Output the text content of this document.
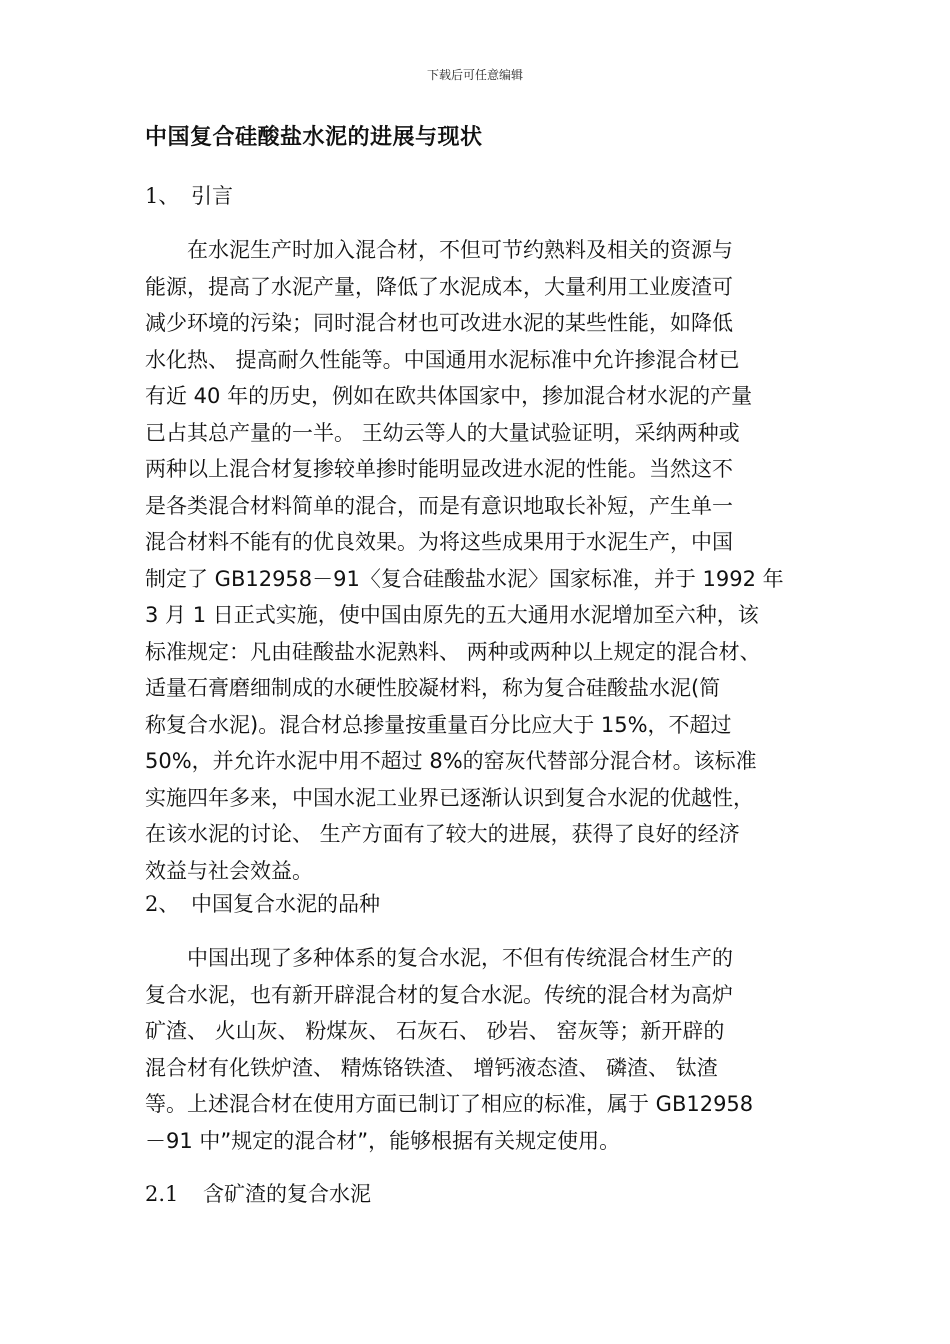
下载后可任意编辑
中国复合硅酸盐水泥的进展与现状
1、 引言
　　在水泥生产时加入混合材，不但可节约熟料及相关的资源与
能源，提高了水泥产量，降低了水泥成本，大量利用工业废渣可
减少环境的污染；同时混合材也可改进水泥的某些性能，如降低
水化热、 提高耐久性能等。中国通用水泥标准中允许掺混合材已
有近 40 年的历史，例如在欧共体国家中，掺加混合材水泥的产量
已占其总产量的一半。 王幼云等人的大量试验证明，采纳两种或
两种以上混合材复掺较单掺时能明显改进水泥的性能。当然这不
是各类混合材料简单的混合，而是有意识地取长补短，产生单一
混合材料不能有的优良效果。为将这些成果用于水泥生产，中国
制定了 GB12958－91〈复合硅酸盐水泥〉国家标准，并于 1992 年
3 月 1 日正式实施，使中国由原先的五大通用水泥增加至六种，该
标准规定：凡由硅酸盐水泥熟料、 两种或两种以上规定的混合材、
适量石膏磨细制成的水硬性胶凝材料，称为复合硅酸盐水泥(简
称复合水泥)。混合材总掺量按重量百分比应大于 15%，不超过
50%，并允许水泥中用不超过 8%的窑灰代替部分混合材。该标准
实施四年多来，中国水泥工业界已逐渐认识到复合水泥的优越性，
在该水泥的讨论、 生产方面有了较大的进展，获得了良好的经济
效益与社会效益。
2、 中国复合水泥的品种
　　中国出现了多种体系的复合水泥，不但有传统混合材生产的
复合水泥，也有新开辟混合材的复合水泥。传统的混合材为高炉
矿渣、 火山灰、 粉煤灰、 石灰石、 砂岩、 窑灰等；新开辟的
混合材有化铁炉渣、 精炼铬铁渣、 增钙液态渣、 磷渣、 钛渣
等。上述混合材在使用方面已制订了相应的标准，属于 GB12958
－91 中”规定的混合材”，能够根据有关规定使用。
2.1 含矿渣的复合水泥
